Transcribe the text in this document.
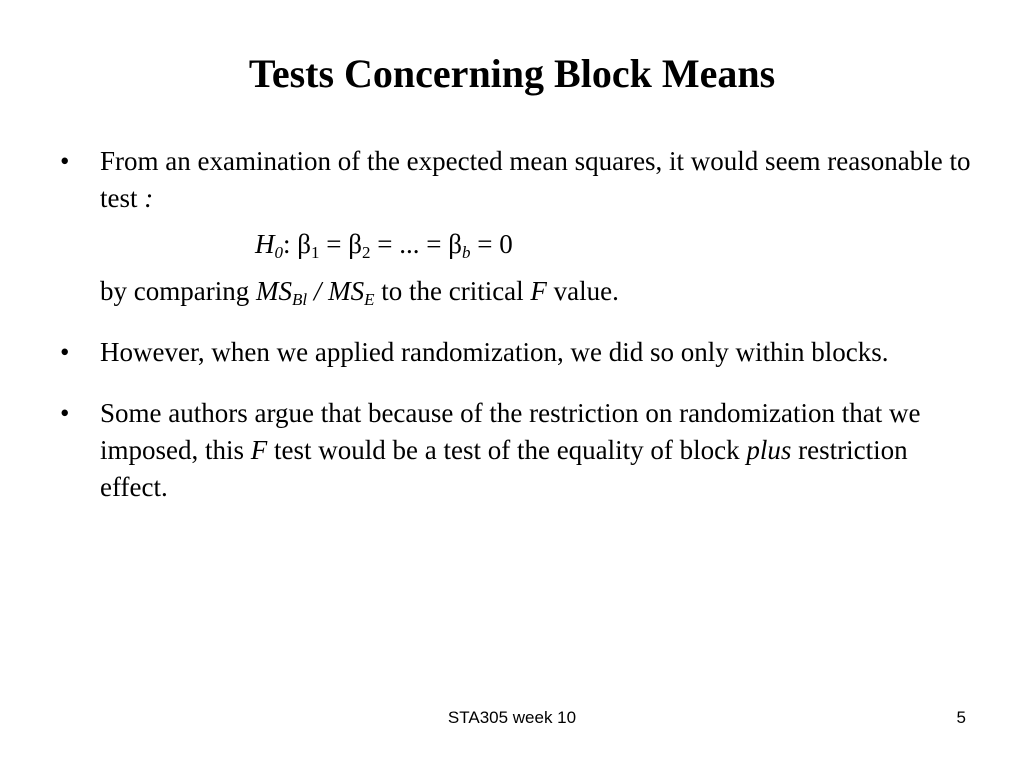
Tests Concerning Block Means
• From an examination of the expected mean squares, it would seem reasonable to test :
$H_0$: $\beta_1 = \beta_2$ = ... = $\beta_b = 0$
by comparing $MS_{Bl} / MS_E$ to the critical F value.
• However, when we applied randomization, we did so only within blocks.
• Some authors argue that because of the restriction on randomization that we imposed, this F test would be a test of the equality of block plus restriction effect.
STA305 week 10	5
